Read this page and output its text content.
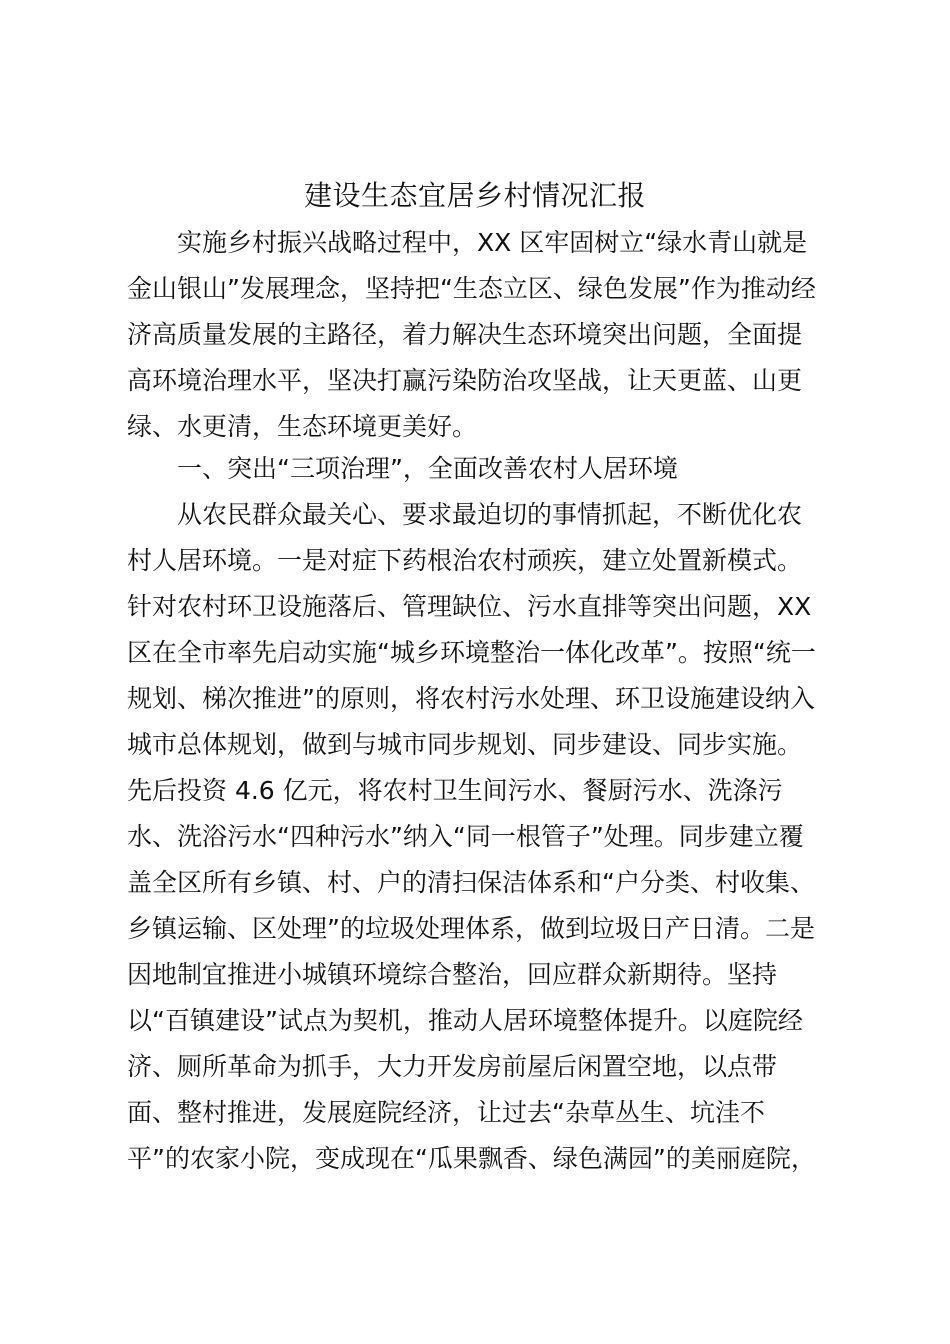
建设生态宜居乡村情况汇报
实施乡村振兴战略过程中，XX 区牢固树立“绿水青山就是
金山银山”发展理念，坚持把“生态立区、绿色发展”作为推动经
济高质量发展的主路径，着力解决生态环境突出问题，全面提
高环境治理水平，坚决打赢污染防治攻坚战，让天更蓝、山更
绿、水更清，生态环境更美好。
一、突出“三项治理”，全面改善农村人居环境
从农民群众最关心、要求最迫切的事情抓起，不断优化农
村人居环境。一是对症下药根治农村顽疾，建立处置新模式。
针对农村环卫设施落后、管理缺位、污水直排等突出问题，XX
区在全市率先启动实施“城乡环境整治一体化改革”。按照“统一
规划、梯次推进”的原则，将农村污水处理、环卫设施建设纳入
城市总体规划，做到与城市同步规划、同步建设、同步实施。
先后投资 4.6 亿元，将农村卫生间污水、餐厨污水、洗涤污
水、洗浴污水“四种污水”纳入“同一根管子”处理。同步建立覆
盖全区所有乡镇、村、户的清扫保洁体系和“户分类、村收集、
乡镇运输、区处理”的垃圾处理体系，做到垃圾日产日清。二是
因地制宜推进小城镇环境综合整治，回应群众新期待。坚持
以“百镇建设”试点为契机，推动人居环境整体提升。以庭院经
济、厕所革命为抓手，大力开发房前屋后闲置空地，以点带
面、整村推进，发展庭院经济，让过去“杂草丛生、坑洼不
平”的农家小院，变成现在“瓜果飘香、绿色满园”的美丽庭院，
